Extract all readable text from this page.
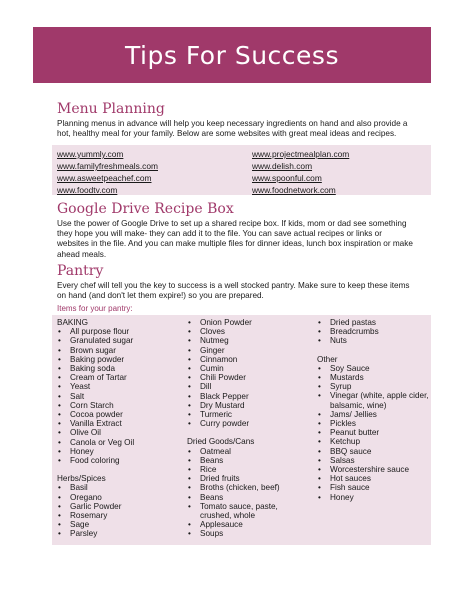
Tips For Success
Menu Planning

Planning menus in advance will help you keep necessary ingredients on hand and also provide a hot, healthy meal for your family. Below are some websites with great meal ideas and recipes.

www.yummly.com
www.familyfreshmeals.com
www.asweetpeachef.com
www.foodtv.com
www.projectmealplan.com
www.delish.com
www.spoonful.com
www.foodnetwork.com
Google Drive Recipe Box

Use the power of Google Drive to set up a shared recipe box. If kids, mom or dad see something they hope you will make- they can add it to the file. You can save actual recipes or links or websites in the file. And you can make multiple files for dinner ideas, lunch box inspiration or make ahead meals.

Pantry

Every chef will tell you the key to success is a well stocked pantry. Make sure to keep these items on hand (and don't let them expire!) so you are prepared.

Items for your pantry:

BAKING
• All purpose flour
• Granulated sugar
• Brown sugar
• Baking powder
• Baking soda
• Cream of Tartar
• Yeast
• Salt
• Corn Starch
• Cocoa powder
• Vanilla Extract
• Olive Oil
• Canola or Veg Oil
• Honey
• Food coloring
Herbs/Spices
• Basil
• Oregano
• Garlic Powder
• Rosemary
• Sage
• Parsley
• Onion Powder
• Cloves
• Nutmeg
• Ginger
• Cinnamon
• Cumin
• Chili Powder
• Dill
• Black Pepper
• Dry Mustard
• Turmeric
• Curry powder
Dried Goods/Cans
• Oatmeal
• Beans
• Rice
• Dried fruits
• Broths (chicken, beef)
• Beans
• Tomato sauce, paste, crushed, whole
• Applesauce
• Soups
• Dried pastas
• Breadcrumbs
• Nuts
Other
• Soy Sauce
• Mustards
• Syrup
• Vinegar (white, apple cider, balsamic, wine)
• Jams/ Jellies
• Pickles
• Peanut butter
• Ketchup
• BBQ sauce
• Salsas
• Worcestershire sauce
• Hot sauces
• Fish sauce
• Honey
